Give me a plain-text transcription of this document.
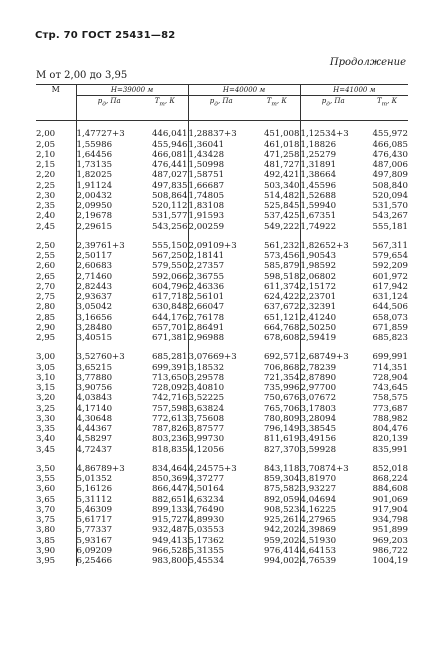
Стр. 70 ГОСТ 25431—82
Продолжение
M от 2,00 до 3,95
M	H=39000 м		H=40000 м		H=41000 м	
	$p_д$, Па	$T_т$, К	$p_д$, Па	$T_т$, К	$p_д$, Па	$T_т$, К

2,00	1,47727+3	446,041	1,28837+3	451,008	1,12534+3	455,972
2,05	1,55986	455,946	1,36041	461,018	1,18826	466,085
2,10	1,64456	466,081	1,43428	471,258	1,25279	476,430
2,15	1,73135	476,441	1,50998	481,727	1,31891	487,006
2,20	1,82025	487,027	1,58751	492,421	1,38664	497,809
2,25	1,91124	497,835	1,66687	503,340	1,45596	508,840
2,30	2,00432	508,864	1,74805	514,482	1,52688	520,094
2,35	2,09950	520,112	1,83108	525,845	1,59940	531,570
2,40	2,19678	531,577	1,91593	537,425	1,67351	543,267
2,45	2,29615	543,256	2,00259	549,222	1,74922	555,181

2,50	2,39761+3	555,150	2,09109+3	561,232	1,82652+3	567,311
2,55	2,50117	567,250	2,18141	573,456	1,90543	579,654
2,60	2,60683	579,550	2,27357	585,879	1,98592	592,209
2,65	2,71460	592,066	2,36755	598,518	2,06802	601,972
2,70	2,82443	604,796	2,46336	611,374	2,15172	617,942
2,75	2,93637	617,718	2,56101	624,422	2,23701	631,124
2,80	3,05042	630,848	2,66047	637,672	2,32391	644,506
2,85	3,16656	644,176	2,76178	651,121	2,41240	658,073
2,90	3,28480	657,701	2,86491	664,768	2,50250	671,859
2,95	3,40515	671,381	2,96988	678,608	2,59419	685,823

3,00	3,52760+3	685,281	3,07669+3	692,571	2,68749+3	699,991
3,05	3,65215	699,391	3,18532	706,868	2,78239	714,351
3,10	3,77880	713,650	3,29578	721,354	2,87890	728,904
3,15	3,90756	728,092	3,40810	735,996	2,97700	743,645
3,20	4,03843	742,716	3,52225	750,676	3,07672	758,575
3,25	4,17140	757,598	3,63824	765,706	3,17803	773,687
3,30	4,30648	772,613	3,75608	780,809	3,28094	788,982
3,35	4,44367	787,826	3,87577	796,149	3,38545	804,476
3,40	4,58297	803,236	3,99730	811,619	3,49156	820,139
3,45	4,72437	818,835	4,12056	827,370	3,59928	835,991

3,50	4,86789+3	834,464	4,24575+3	843,118	3,70874+3	852,018
3,55	5,01352	850,369	4,37277	859,304	3,81970	868,224
3,60	5,16126	866,447	4,50164	875,582	3,93227	884,608
3,65	5,31112	882,651	4,63234	892,059	4,04694	901,069
3,70	5,46309	899,133	4,76490	908,523	4,16225	917,904
3,75	5,61717	915,727	4,89930	925,261	4,27965	934,798
3,80	5,77337	932,487	5,03553	942,202	4,39869	951,899
3,85	5,93167	949,413	5,17362	959,202	4,51930	969,203
3,90	6,09209	966,528	5,31355	976,414	4,64153	986,722
3,95	6,25466	983,800	5,45534	994,002	4,76539	1004,19
